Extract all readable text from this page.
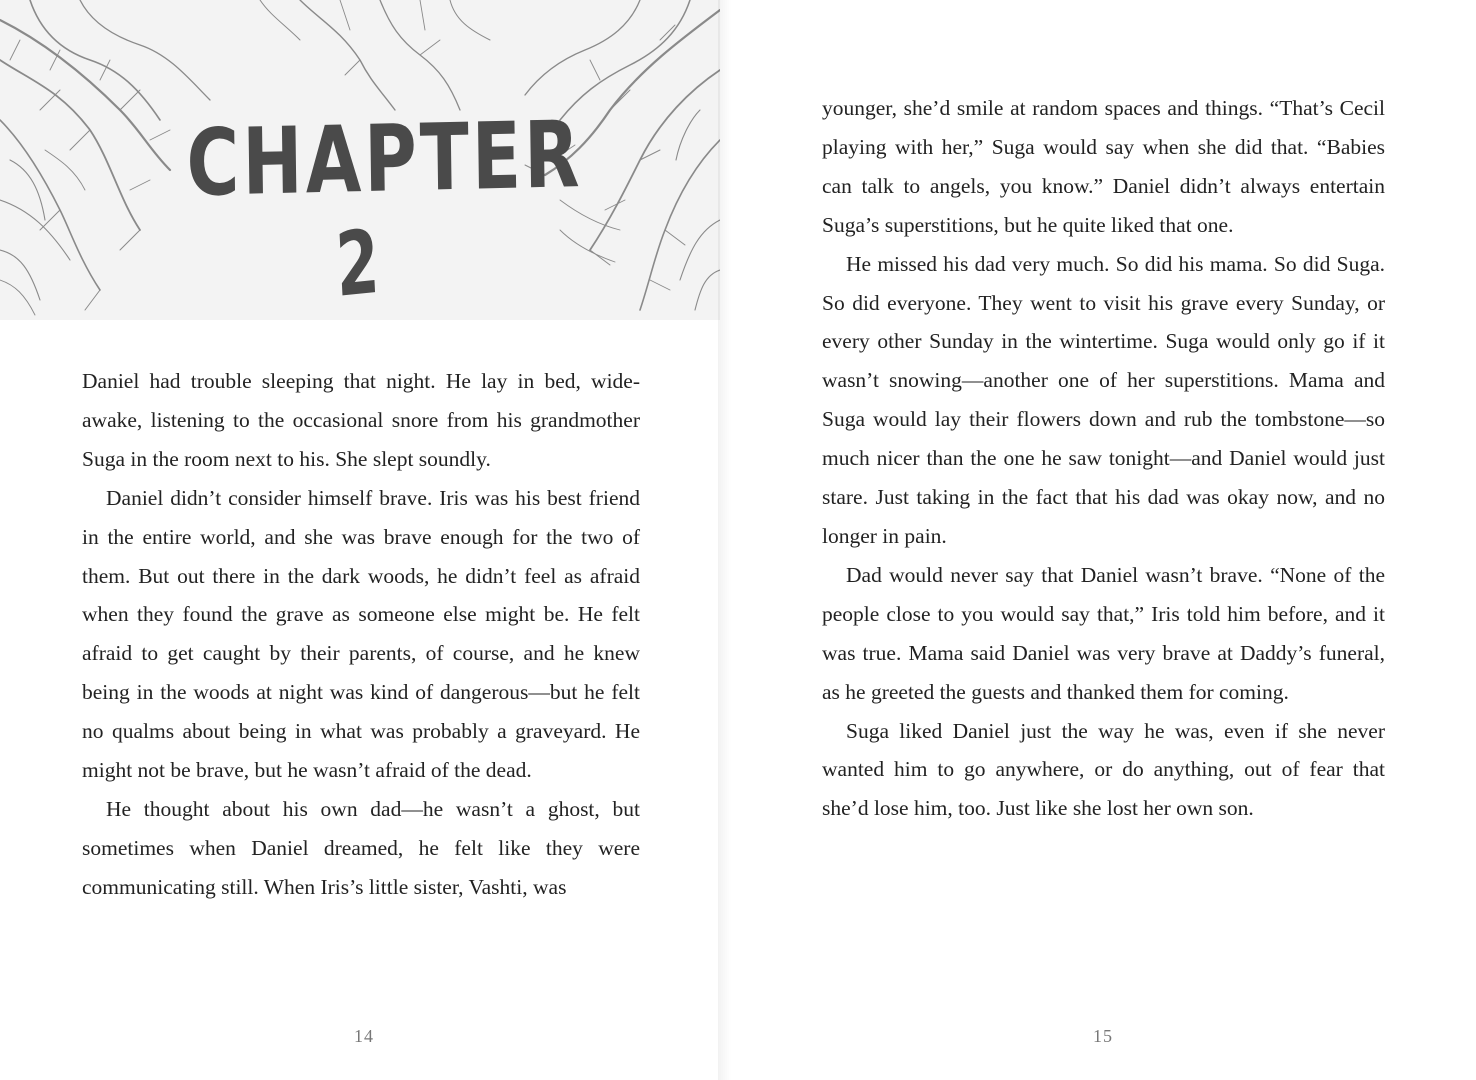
CHAPTER
2

Daniel had trouble sleeping that night. He lay in bed, wide-awake, listening to the occasional snore from his grandmother Suga in the room next to his. She slept soundly.

Daniel didn’t consider himself brave. Iris was his best friend in the entire world, and she was brave enough for the two of them. But out there in the dark woods, he didn’t feel as afraid when they found the grave as someone else might be. He felt afraid to get caught by their parents, of course, and he knew being in the woods at night was kind of dangerous—but he felt no qualms about being in what was probably a graveyard. He might not be brave, but he wasn’t afraid of the dead.

He thought about his own dad—he wasn’t a ghost, but sometimes when Daniel dreamed, he felt like they were communicating still. When Iris’s little sister, Vashti, was

14

younger, she’d smile at random spaces and things. “That’s Cecil playing with her,” Suga would say when she did that. “Babies can talk to angels, you know.” Daniel didn’t always entertain Suga’s superstitions, but he quite liked that one.

He missed his dad very much. So did his mama. So did Suga. So did everyone. They went to visit his grave every Sunday, or every other Sunday in the wintertime. Suga would only go if it wasn’t snowing—another one of her superstitions. Mama and Suga would lay their flowers down and rub the tombstone—so much nicer than the one he saw tonight—and Daniel would just stare. Just taking in the fact that his dad was okay now, and no longer in pain.

Dad would never say that Daniel wasn’t brave. “None of the people close to you would say that,” Iris told him before, and it was true. Mama said Daniel was very brave at Daddy’s funeral, as he greeted the guests and thanked them for coming.

Suga liked Daniel just the way he was, even if she never wanted him to go anywhere, or do anything, out of fear that she’d lose him, too. Just like she lost her own son.

15
